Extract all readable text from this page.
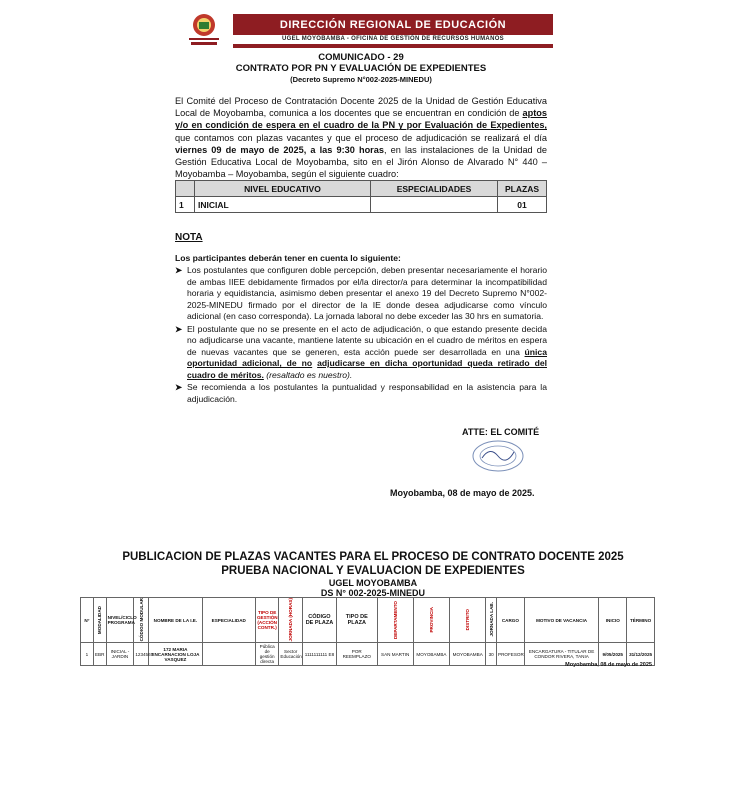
DIRECCIÓN REGIONAL DE EDUCACIÓN
UGEL MOYOBAMBA - OFICINA DE GESTIÓN DE RECURSOS HUMANOS
COMUNICADO - 29
CONTRATO POR PN Y EVALUACIÓN DE EXPEDIENTES
(Decreto Supremo N°002-2025-MINEDU)
El Comité del Proceso de Contratación Docente 2025 de la Unidad de Gestión Educativa Local de Moyobamba, comunica a los docentes que se encuentran en condición de aptos y/o en condición de espera en el cuadro de la PN y por Evaluación de Expedientes, que contamos con plazas vacantes y que el proceso de adjudicación se realizará el día viernes 09 de mayo de 2025, a las 9:30 horas, en las instalaciones de la Unidad de Gestión Educativa Local de Moyobamba, sito en el Jirón Alonso de Alvarado N° 440 – Moyobamba – Moyobamba, según el siguiente cuadro:
	NIVEL EDUCATIVO	ESPECIALIDADES	PLAZAS
1	INICIAL		01
NOTA
Los participantes deberán tener en cuenta lo siguiente:
➤ Los postulantes que configuren doble percepción, deben presentar necesariamente el horario de ambas IIEE debidamente firmados por el/la director/a para determinar la incompatibilidad horaria y equidistancia, asimismo deben presentar el anexo 19 del Decreto Supremo N°002-2025-MINEDU firmado por el director de la IE donde desea adjudicarse como vínculo adicional (en caso corresponda). La jornada laboral no debe exceder las 30 hrs en sumatoria.
➤ El postulante que no se presente en el acto de adjudicación, o que estando presente decida no adjudicarse una vacante, mantiene latente su ubicación en el cuadro de méritos en espera de nuevas vacantes que se generen, esta acción puede ser desarrollada en una única oportunidad adicional, de no adjudicarse en dicha oportunidad queda retirado del cuadro de méritos. (resaltado es nuestro).
➤ Se recomienda a los postulantes la puntualidad y responsabilidad en la asistencia para la adjudicación.
ATTE: EL COMITÉ
Moyobamba, 08 de mayo de 2025.
PUBLICACION DE PLAZAS VACANTES PARA EL PROCESO DE CONTRATO DOCENTE 2025
PRUEBA NACIONAL Y EVALUACION DE EXPEDIENTES
UGEL MOYOBAMBA
DS N° 002-2025-MINEDU
N°	MODALIDAD	NIVEL/CICLO PROGRAMA	CÓDIGO MODULAR	NOMBRE DE LA I.E.	ESPECIALIDAD	TIPO DE GESTIÓN (ACCIÓN CONTR.)	JORNADA (HORAS)	CÓDIGO DE PLAZA	TIPO DE PLAZA	DEPARTAMENTO	PROVINCIA	DISTRITO	JORNADA LAB.	CARGO	MOTIVO DE VACANCIA	INICIO	TÉRMINO
1	EBR	INICIAL - JARDIN	1234567	172 MARIA ENCARNACION LOJA VASQUEZ		Pública de gestión directa	Sector Educación	1111111111 E8	POR REEMPLAZO	SAN MARTIN	MOYOBAMBA	MOYOBAMBA	30	PROFESOR	ENCARGATURA - TITULAR DE CONDOR RIVERA, TANIA	9/05/2025	31/12/2025
Moyobamba, 08 de mayo de 2025
